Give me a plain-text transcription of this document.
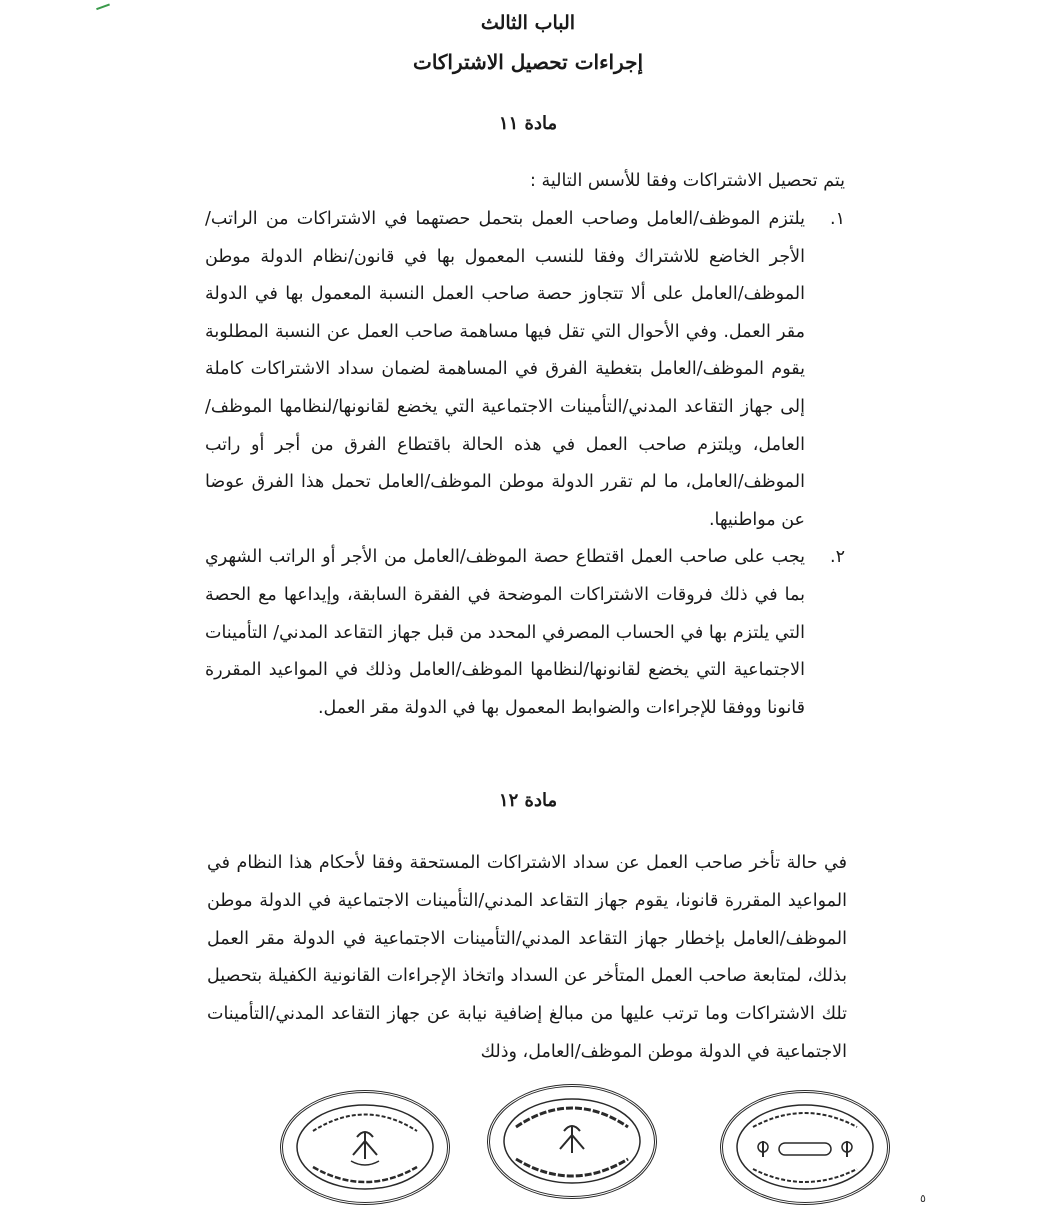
الباب الثالث
إجراءات تحصيل الاشتراكات
مادة ١١
يتم تحصيل الاشتراكات وفقا للأسس التالية :
١.
يلتزم الموظف/العامل وصاحب العمل بتحمل حصتهما في الاشتراكات من الراتب/الأجر الخاضع للاشتراك وفقا للنسب المعمول بها في قانون/نظام الدولة موطن الموظف/العامل على ألا تتجاوز حصة صاحب العمل النسبة المعمول بها في الدولة مقر العمل. وفي الأحوال التي تقل فيها مساهمة صاحب العمل عن النسبة المطلوبة يقوم الموظف/العامل بتغطية الفرق في المساهمة لضمان سداد الاشتراكات كاملة إلى جهاز التقاعد المدني/التأمينات الاجتماعية التي يخضع لقانونها/لنظامها الموظف/العامل، ويلتزم صاحب العمل في هذه الحالة باقتطاع الفرق من أجر أو راتب الموظف/العامل، ما لم تقرر الدولة موطن الموظف/العامل تحمل هذا الفرق عوضا عن مواطنيها.
٢.
يجب على صاحب العمل اقتطاع حصة الموظف/العامل من الأجر أو الراتب الشهري بما في ذلك فروقات الاشتراكات الموضحة في الفقرة السابقة، وإيداعها مع الحصة التي يلتزم بها في الحساب المصرفي المحدد من قبل جهاز التقاعد المدني/ التأمينات الاجتماعية التي يخضع لقانونها/لنظامها الموظف/العامل وذلك في المواعيد المقررة قانونا ووفقا للإجراءات والضوابط المعمول بها في الدولة مقر العمل.
مادة ١٢
في حالة تأخر صاحب العمل عن سداد الاشتراكات المستحقة وفقا لأحكام هذا النظام في المواعيد المقررة قانونا، يقوم جهاز التقاعد المدني/التأمينات الاجتماعية في الدولة موطن الموظف/العامل بإخطار جهاز التقاعد المدني/التأمينات الاجتماعية في الدولة مقر العمل بذلك، لمتابعة صاحب العمل المتأخر عن السداد واتخاذ الإجراءات القانونية الكفيلة بتحصيل تلك الاشتراكات وما ترتب عليها من مبالغ إضافية نيابة عن جهاز التقاعد المدني/التأمينات الاجتماعية في الدولة موطن الموظف/العامل، وذلك
٥
